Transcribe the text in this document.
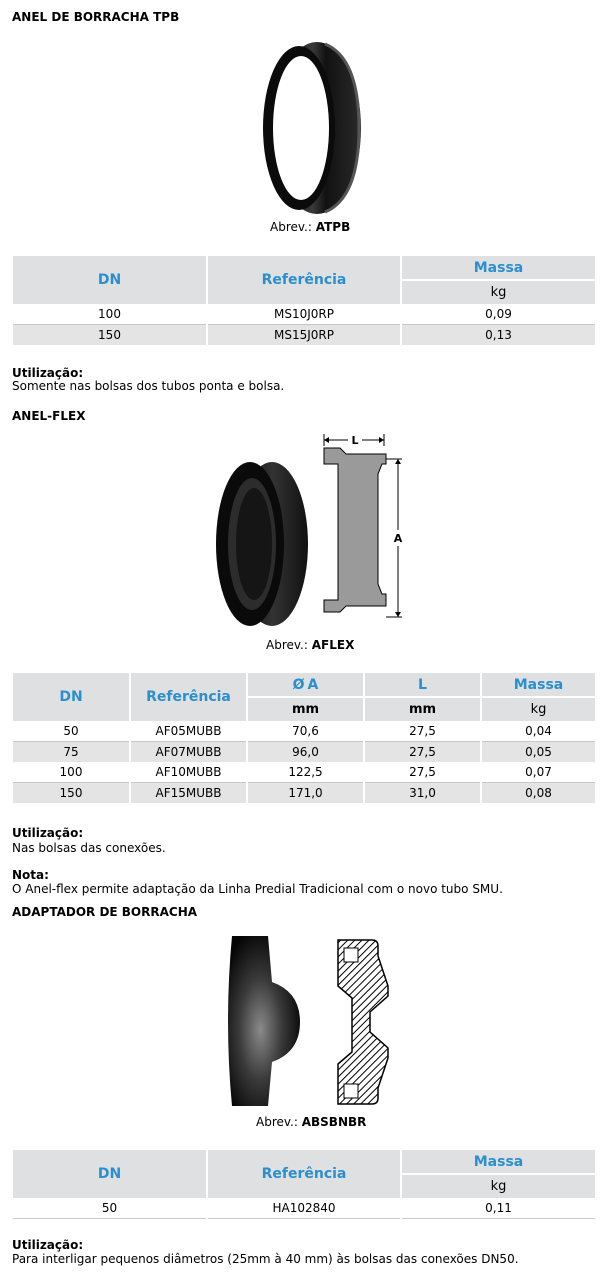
ANEL DE BORRACHA TPB
Abrev.: ATPB
DN	Referência	Massa
		kg
100	MS10J0RP	0,09
150	MS15J0RP	0,13
Utilização:
Somente nas bolsas dos tubos ponta e bolsa.
ANEL-FLEX
L
A
Abrev.: AFLEX
DN	Referência	Ø A	L	Massa
		mm	mm	kg
50	AF05MUBB	70,6	27,5	0,04
75	AF07MUBB	96,0	27,5	0,05
100	AF10MUBB	122,5	27,5	0,07
150	AF15MUBB	171,0	31,0	0,08
Utilização:
Nas bolsas das conexões.
Nota:
O Anel-flex permite adaptação da Linha Predial Tradicional com o novo tubo SMU.
ADAPTADOR DE BORRACHA
Abrev.: ABSBNBR
DN	Referência	Massa
		kg
50	HA102840	0,11
Utilização:
Para interligar pequenos diâmetros (25mm à 40 mm) às bolsas das conexões DN50.
